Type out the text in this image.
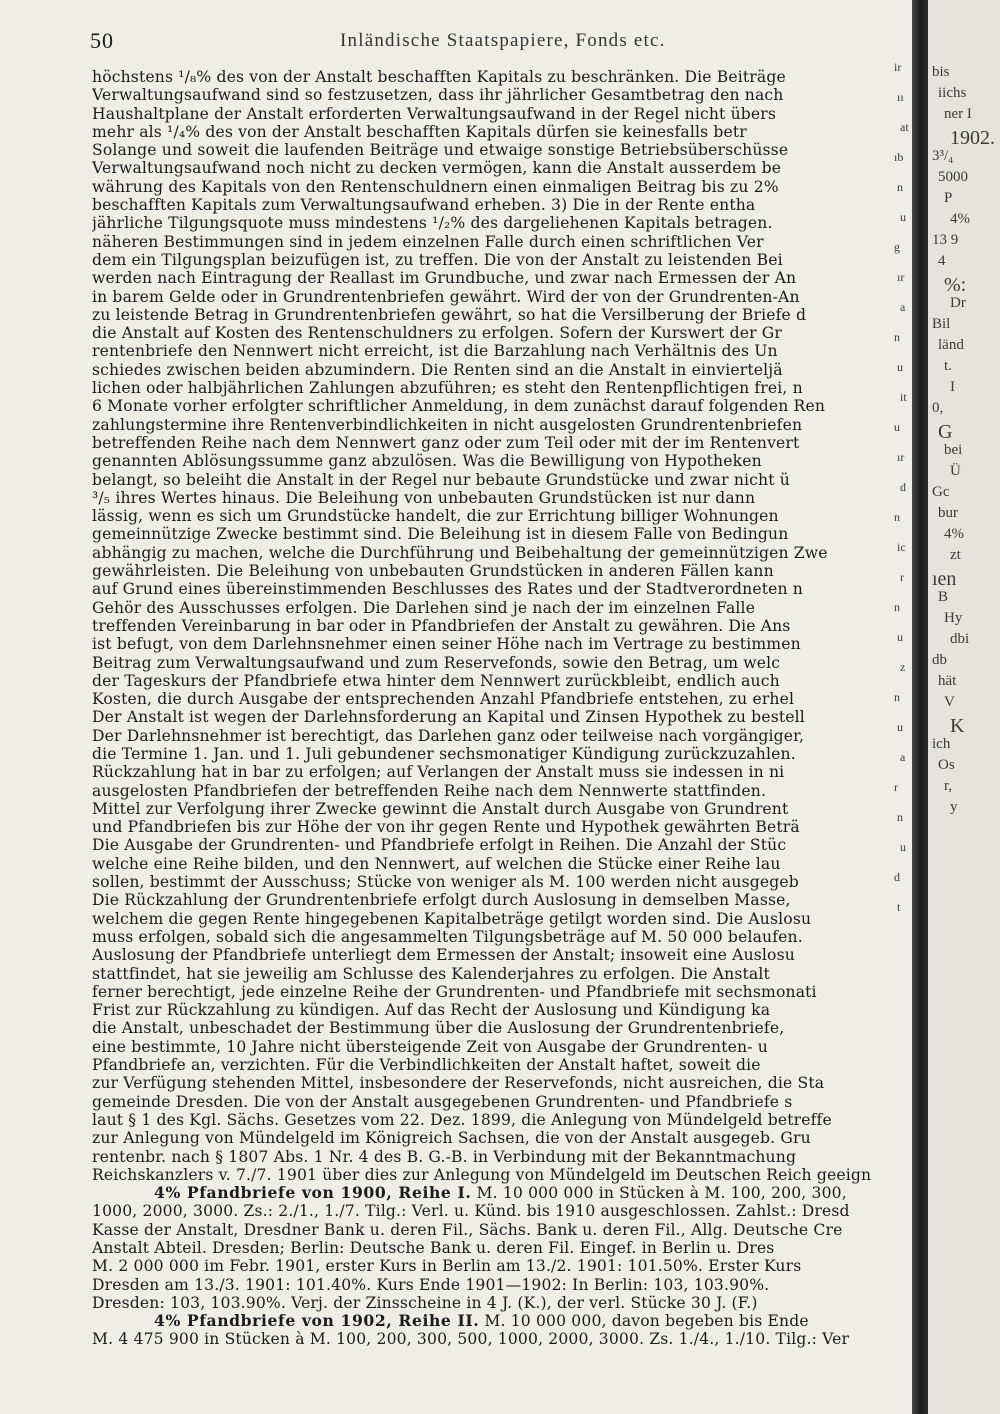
50	Inländische Staatspapiere, Fonds etc.
höchstens ¹/₈% des von der Anstalt beschafften Kapitals zu beschränken. Die Beiträge
Verwaltungsaufwand sind so festzusetzen, dass ihr jährlicher Gesamtbetrag den nach
Haushaltplane der Anstalt erforderten Verwaltungsaufwand in der Regel nicht übers
mehr als ¹/₄% des von der Anstalt beschafften Kapitals dürfen sie keinesfalls betr
Solange und soweit die laufenden Beiträge und etwaige sonstige Betriebsüberschüsse
Verwaltungsaufwand noch nicht zu decken vermögen, kann die Anstalt ausserdem be
währung des Kapitals von den Rentenschuldnern einen einmaligen Beitrag bis zu 2%
beschafften Kapitals zum Verwaltungsaufwand erheben. 3) Die in der Rente entha
jährliche Tilgungsquote muss mindestens ¹/₂% des dargeliehenen Kapitals betragen.
näheren Bestimmungen sind in jedem einzelnen Falle durch einen schriftlichen Ver
dem ein Tilgungsplan beizufügen ist, zu treffen. Die von der Anstalt zu leistenden Bei
werden nach Eintragung der Reallast im Grundbuche, und zwar nach Ermessen der An
in barem Gelde oder in Grundrentenbriefen gewährt. Wird der von der Grundrenten-An
zu leistende Betrag in Grundrentenbriefen gewährt, so hat die Versilberung der Briefe d
die Anstalt auf Kosten des Rentenschuldners zu erfolgen. Sofern der Kurswert der Gr
rentenbriefe den Nennwert nicht erreicht, ist die Barzahlung nach Verhältnis des Un
schiedes zwischen beiden abzumindern. Die Renten sind an die Anstalt in einvierteljä
lichen oder halbjährlichen Zahlungen abzuführen; es steht den Rentenpflichtigen frei, n
6 Monate vorher erfolgter schriftlicher Anmeldung, in dem zunächst darauf folgenden Ren
zahlungstermine ihre Rentenverbindlichkeiten in nicht ausgelosten Grundrentenbriefen
betreffenden Reihe nach dem Nennwert ganz oder zum Teil oder mit der im Rentenvert
genannten Ablösungssumme ganz abzulösen. Was die Bewilligung von Hypotheken
belangt, so beleiht die Anstalt in der Regel nur bebaute Grundstücke und zwar nicht ü
³/₅ ihres Wertes hinaus. Die Beleihung von unbebauten Grundstücken ist nur dann
lässig, wenn es sich um Grundstücke handelt, die zur Errichtung billiger Wohnungen
gemeinnützige Zwecke bestimmt sind. Die Beleihung ist in diesem Falle von Bedingun
abhängig zu machen, welche die Durchführung und Beibehaltung der gemeinnützigen Zwe
gewährleisten. Die Beleihung von unbebauten Grundstücken in anderen Fällen kann
auf Grund eines übereinstimmenden Beschlusses des Rates und der Stadtverordneten n
Gehör des Ausschusses erfolgen. Die Darlehen sind je nach der im einzelnen Falle
treffenden Vereinbarung in bar oder in Pfandbriefen der Anstalt zu gewähren. Die Ans
ist befugt, von dem Darlehnsnehmer einen seiner Höhe nach im Vertrage zu bestimmen
Beitrag zum Verwaltungsaufwand und zum Reservefonds, sowie den Betrag, um welc
der Tageskurs der Pfandbriefe etwa hinter dem Nennwert zurückbleibt, endlich auch
Kosten, die durch Ausgabe der entsprechenden Anzahl Pfandbriefe entstehen, zu erhel
Der Anstalt ist wegen der Darlehnsforderung an Kapital und Zinsen Hypothek zu bestell
Der Darlehnsnehmer ist berechtigt, das Darlehen ganz oder teilweise nach vorgängiger,
die Termine 1. Jan. und 1. Juli gebundener sechsmonatiger Kündigung zurückzuzahlen.
Rückzahlung hat in bar zu erfolgen; auf Verlangen der Anstalt muss sie indessen in ni
ausgelosten Pfandbriefen der betreffenden Reihe nach dem Nennwerte stattfinden.
Mittel zur Verfolgung ihrer Zwecke gewinnt die Anstalt durch Ausgabe von Grundrent
und Pfandbriefen bis zur Höhe der von ihr gegen Rente und Hypothek gewährten Beträ
Die Ausgabe der Grundrenten- und Pfandbriefe erfolgt in Reihen. Die Anzahl der Stüc
welche eine Reihe bilden, und den Nennwert, auf welchen die Stücke einer Reihe lau
sollen, bestimmt der Ausschuss; Stücke von weniger als M. 100 werden nicht ausgegeb
Die Rückzahlung der Grundrentenbriefe erfolgt durch Auslosung in demselben Masse,
welchem die gegen Rente hingegebenen Kapitalbeträge getilgt worden sind. Die Auslosu
muss erfolgen, sobald sich die angesammelten Tilgungsbeträge auf M. 50 000 belaufen.
Auslosung der Pfandbriefe unterliegt dem Ermessen der Anstalt; insoweit eine Auslosu
stattfindet, hat sie jeweilig am Schlusse des Kalenderjahres zu erfolgen. Die Anstalt
ferner berechtigt, jede einzelne Reihe der Grundrenten- und Pfandbriefe mit sechsmonati
Frist zur Rückzahlung zu kündigen. Auf das Recht der Auslosung und Kündigung ka
die Anstalt, unbeschadet der Bestimmung über die Auslosung der Grundrentenbriefe,
eine bestimmte, 10 Jahre nicht übersteigende Zeit von Ausgabe der Grundrenten- u
Pfandbriefe an, verzichten. Für die Verbindlichkeiten der Anstalt haftet, soweit die
zur Verfügung stehenden Mittel, insbesondere der Reservefonds, nicht ausreichen, die Sta
gemeinde Dresden. Die von der Anstalt ausgegebenen Grundrenten- und Pfandbriefe s
laut § 1 des Kgl. Sächs. Gesetzes vom 22. Dez. 1899, die Anlegung von Mündelgeld betreffe
zur Anlegung von Mündelgeld im Königreich Sachsen, die von der Anstalt ausgegeb. Gru
rentenbr. nach § 1807 Abs. 1 Nr. 4 des B. G.-B. in Verbindung mit der Bekanntmachung
Reichskanzlers v. 7./7. 1901 über dies zur Anlegung von Mündelgeld im Deutschen Reich geeign
4% Pfandbriefe von 1900, Reihe I. M. 10 000 000 in Stücken à M. 100, 200, 300,
1000, 2000, 3000. Zs.: 2./1., 1./7. Tilg.: Verl. u. Künd. bis 1910 ausgeschlossen. Zahlst.: Dresd
Kasse der Anstalt, Dresdner Bank u. deren Fil., Sächs. Bank u. deren Fil., Allg. Deutsche Cre
Anstalt Abteil. Dresden; Berlin: Deutsche Bank u. deren Fil. Eingef. in Berlin u. Dres
M. 2 000 000 im Febr. 1901, erster Kurs in Berlin am 13./2. 1901: 101.50%. Erster Kurs
Dresden am 13./3. 1901: 101.40%. Kurs Ende 1901—1902: In Berlin: 103, 103.90%.
Dresden: 103, 103.90%. Verj. der Zinsscheine in 4 J. (K.), der verl. Stücke 30 J. (F.)
4% Pfandbriefe von 1902, Reihe II. M. 10 000 000, davon begeben bis Ende
M. 4 475 900 in Stücken à M. 100, 200, 300, 500, 1000, 2000, 3000. Zs. 1./4., 1./10. Tilg.: Ver
ir
ıı
at
ıb
n
u
g
ır
a
n
u
it
u
ır
d
n
ic
r
n
u
z
n
u
a
r
n
u
d
t
bis
iichs
ner I
1902.
3³/₄
5000
P
4%
13 9
4
%:
Dr
Bil
länd
t.
I
0,
G
bei
Ü
Gc
bur
4%
zt
ıen
B
Hy
dbi
db
hät
V
K
ich
Os
r,
y
